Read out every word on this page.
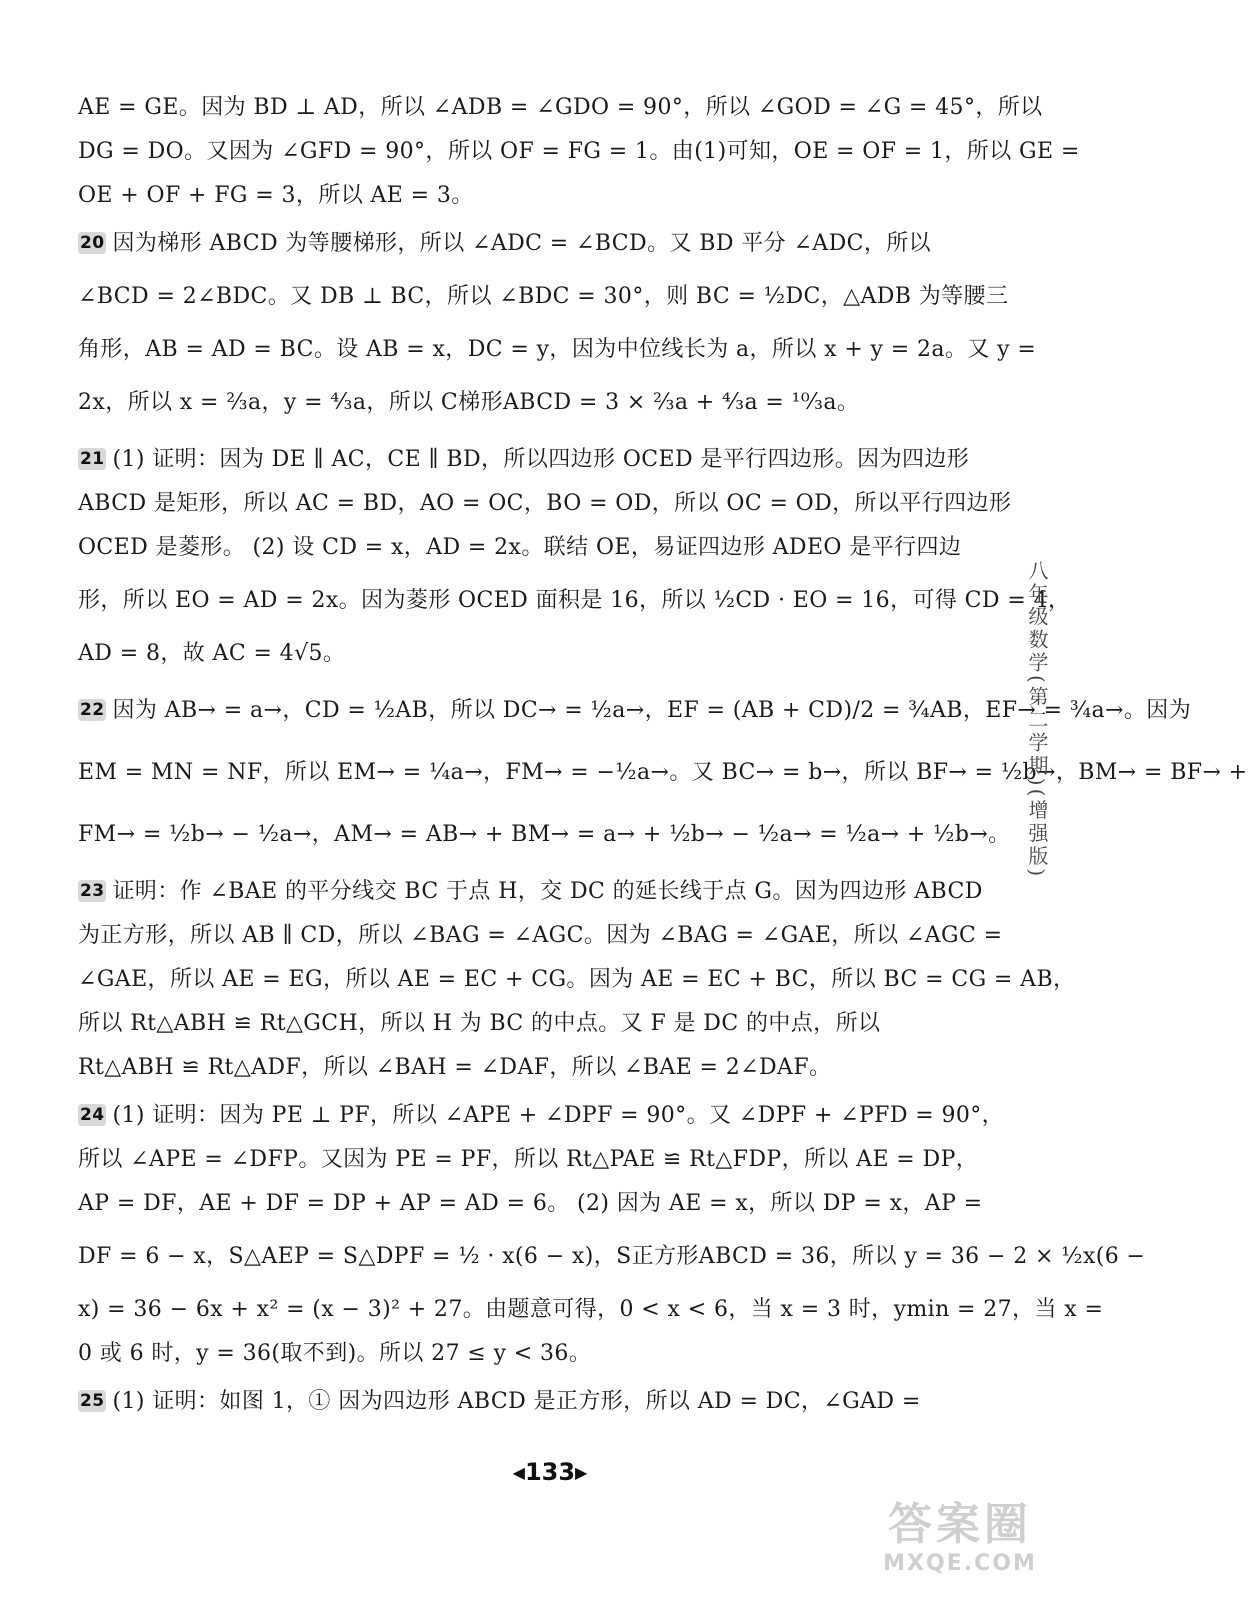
AE = GE。因为 BD ⊥ AD，所以 ∠ADB = ∠GDO = 90°，所以 ∠GOD = ∠G = 45°，所以
DG = DO。又因为 ∠GFD = 90°，所以 OF = FG = 1。由(1)可知，OE = OF = 1，所以 GE =
OE + OF + FG = 3，所以 AE = 3。
20 因为梯形 ABCD 为等腰梯形，所以 ∠ADC = ∠BCD。又 BD 平分 ∠ADC，所以
∠BCD = 2∠BDC。又 DB ⊥ BC，所以 ∠BDC = 30°，则 BC = ½DC，△ADB 为等腰三
角形，AB = AD = BC。设 AB = x，DC = y，因为中位线长为 a，所以 x + y = 2a。又 y =
2x，所以 x = ⅔a，y = ⁴⁄₃a，所以 C梯形ABCD = 3 × ⅔a + ⁴⁄₃a = ¹⁰⁄₃a。
21 (1) 证明：因为 DE ∥ AC，CE ∥ BD，所以四边形 OCED 是平行四边形。因为四边形
ABCD 是矩形，所以 AC = BD，AO = OC，BO = OD，所以 OC = OD，所以平行四边形
OCED 是菱形。 (2) 设 CD = x，AD = 2x。联结 OE，易证四边形 ADEO 是平行四边
形，所以 EO = AD = 2x。因为菱形 OCED 面积是 16，所以 ½CD · EO = 16，可得 CD = 4，
AD = 8，故 AC = 4√5。
22 因为 AB→ = a→，CD = ½AB，所以 DC→ = ½a→，EF = (AB + CD)/2 = ¾AB，EF→ = ¾a→。因为
EM = MN = NF，所以 EM→ = ¼a→，FM→ = −½a→。又 BC→ = b→，所以 BF→ = ½b→，BM→ = BF→ +
FM→ = ½b→ − ½a→，AM→ = AB→ + BM→ = a→ + ½b→ − ½a→ = ½a→ + ½b→。
23 证明：作 ∠BAE 的平分线交 BC 于点 H，交 DC 的延长线于点 G。因为四边形 ABCD
为正方形，所以 AB ∥ CD，所以 ∠BAG = ∠AGC。因为 ∠BAG = ∠GAE，所以 ∠AGC =
∠GAE，所以 AE = EG，所以 AE = EC + CG。因为 AE = EC + BC，所以 BC = CG = AB，
所以 Rt△ABH ≌ Rt△GCH，所以 H 为 BC 的中点。又 F 是 DC 的中点，所以
Rt△ABH ≌ Rt△ADF，所以 ∠BAH = ∠DAF，所以 ∠BAE = 2∠DAF。
24 (1) 证明：因为 PE ⊥ PF，所以 ∠APE + ∠DPF = 90°。又 ∠DPF + ∠PFD = 90°，
所以 ∠APE = ∠DFP。又因为 PE = PF，所以 Rt△PAE ≌ Rt△FDP，所以 AE = DP，
AP = DF，AE + DF = DP + AP = AD = 6。 (2) 因为 AE = x，所以 DP = x，AP =
DF = 6 − x，S△AEP = S△DPF = ½ · x(6 − x)，S正方形ABCD = 36，所以 y = 36 − 2 × ½x(6 −
x) = 36 − 6x + x² = (x − 3)² + 27。由题意可得，0 < x < 6，当 x = 3 时，ymin = 27，当 x =
0 或 6 时，y = 36(取不到)。所以 27 ≤ y < 36。
25 (1) 证明：如图 1，① 因为四边形 ABCD 是正方形，所以 AD = DC，∠GAD =
八年级数学(第二学期)(增强版)
◀133▶
答案圈
MXQE.COM
